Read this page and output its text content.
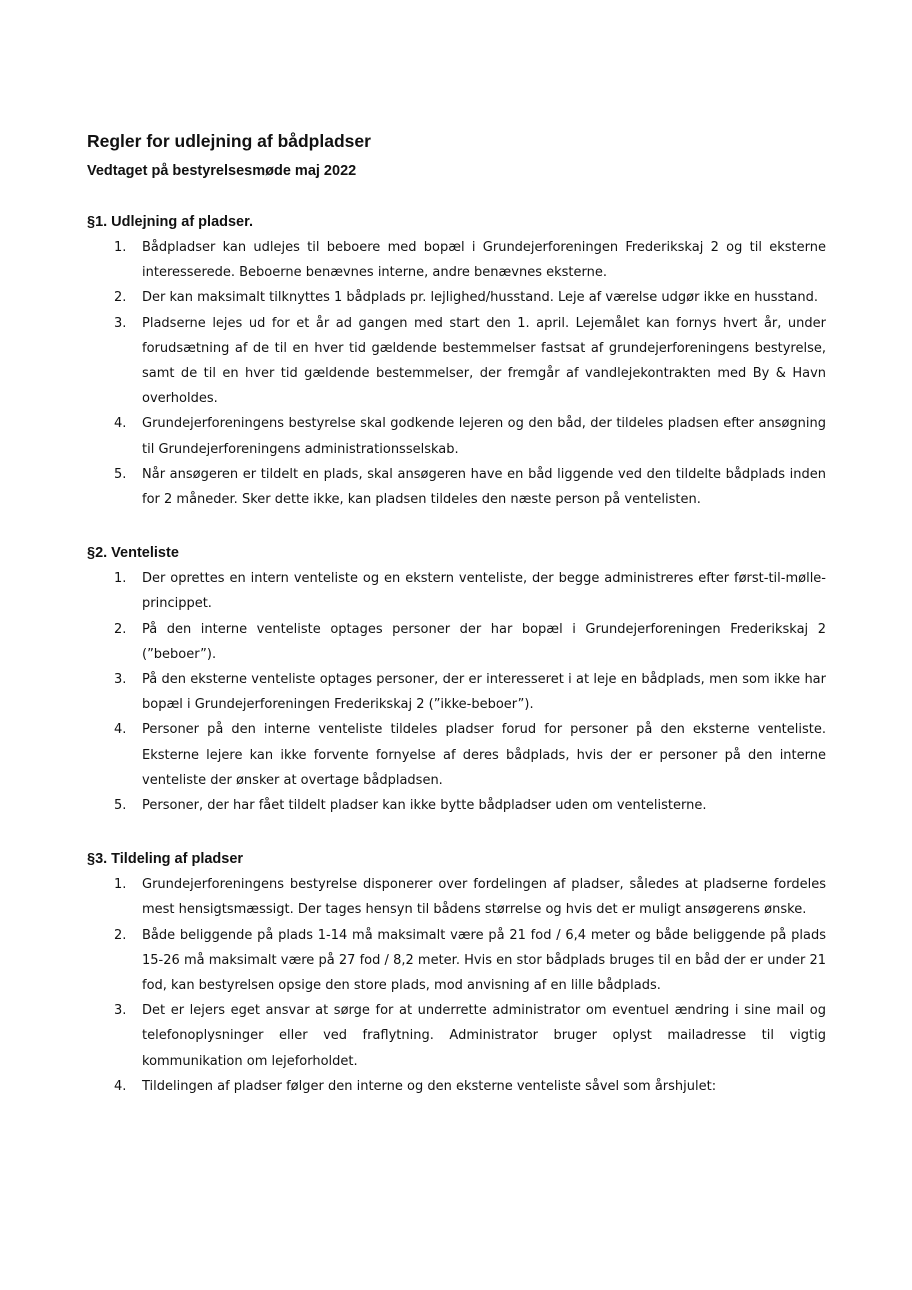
Regler for udlejning af bådpladser

Vedtaget på bestyrelsesmøde maj 2022

§1. Udlejning af pladser.
1. Bådpladser kan udlejes til beboere med bopæl i Grundejerforeningen Frederikskaj 2 og til eksterne interesserede. Beboerne benævnes interne, andre benævnes eksterne.
2. Der kan maksimalt tilknyttes 1 bådplads pr. lejlighed/husstand. Leje af værelse udgør ikke en husstand.
3. Pladserne lejes ud for et år ad gangen med start den 1. april. Lejemålet kan fornys hvert år, under forudsætning af de til en hver tid gældende bestemmelser fastsat af grundejerforeningens bestyrelse, samt de til en hver tid gældende bestemmelser, der fremgår af vandlejekontrakten med By & Havn overholdes.
4. Grundejerforeningens bestyrelse skal godkende lejeren og den båd, der tildeles pladsen efter ansøgning til Grundejerforeningens administrationsselskab.
5. Når ansøgeren er tildelt en plads, skal ansøgeren have en båd liggende ved den tildelte bådplads inden for 2 måneder. Sker dette ikke, kan pladsen tildeles den næste person på ventelisten.
§2. Venteliste
1. Der oprettes en intern venteliste og en ekstern venteliste, der begge administreres efter først-til-mølle-princippet.
2. På den interne venteliste optages personer der har bopæl i Grundejerforeningen Frederikskaj 2 (”beboer”).
3. På den eksterne venteliste optages personer, der er interesseret i at leje en bådplads, men som ikke har bopæl i Grundejerforeningen Frederikskaj 2 (”ikke-beboer”).
4. Personer på den interne venteliste tildeles pladser forud for personer på den eksterne venteliste. Eksterne lejere kan ikke forvente fornyelse af deres bådplads, hvis der er personer på den interne venteliste der ønsker at overtage bådpladsen.
5. Personer, der har fået tildelt pladser kan ikke bytte bådpladser uden om ventelisterne.
§3. Tildeling af pladser
1. Grundejerforeningens bestyrelse disponerer over fordelingen af pladser, således at pladserne fordeles mest hensigtsmæssigt. Der tages hensyn til bådens størrelse og hvis det er muligt ansøgerens ønske.
2. Både beliggende på plads 1-14 må maksimalt være på 21 fod / 6,4 meter og både beliggende på plads 15-26 må maksimalt være på 27 fod / 8,2 meter. Hvis en stor bådplads bruges til en båd der er under 21 fod, kan bestyrelsen opsige den store plads, mod anvisning af en lille bådplads.
3. Det er lejers eget ansvar at sørge for at underrette administrator om eventuel ændring i sine mail og telefonoplysninger eller ved fraflytning. Administrator bruger oplyst mailadresse til vigtig kommunikation om lejeforholdet.
4. Tildelingen af pladser følger den interne og den eksterne venteliste såvel som årshjulet:
